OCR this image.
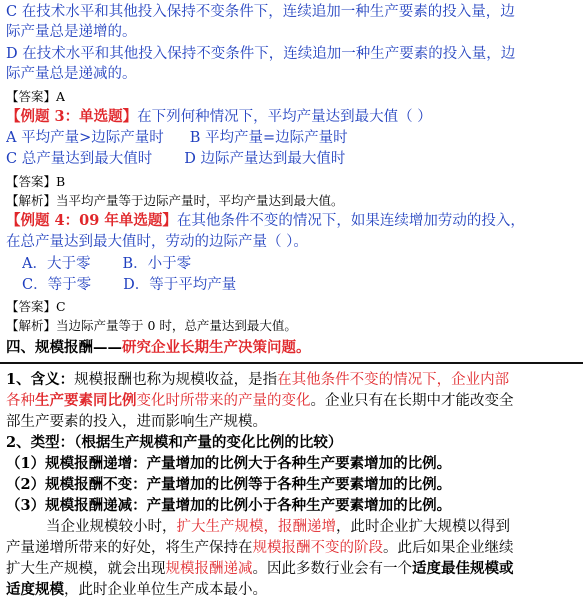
C 在技术水平和其他投入保持不变条件下，连续追加一种生产要素的投入量，边
际产量总是递增的。
D 在技术水平和其他投入保持不变条件下，连续追加一种生产要素的投入量，边
际产量总是递减的。
【答案】A
【例题 3：单选题】在下列何种情况下，平均产量达到最大值（ ）
A 平均产量>边际产量时 B 平均产量=边际产量时
C 总产量达到最大值时 D 边际产量达到最大值时
【答案】B
【解析】当平均产量等于边际产量时，平均产量达到最大值。
【例题 4：09 年单选题】在其他条件不变的情况下，如果连续增加劳动的投入，
在总产量达到最大值时，劳动的边际产量（ ）。
A．大于零 B．小于零
C．等于零 D．等于平均产量
【答案】C
【解析】当边际产量等于 0 时，总产量达到最大值。
四、规模报酬——研究企业长期生产决策问题。
1、含义：规模报酬也称为规模收益，是指在其他条件不变的情况下，企业内部
各种生产要素同比例变化时所带来的产量的变化。企业只有在长期中才能改变全
部生产要素的投入，进而影响生产规模。
2、类型：（根据生产规模和产量的变化比例的比较）
（1）规模报酬递增：产量增加的比例大于各种生产要素增加的比例。
（2）规模报酬不变：产量增加的比例等于各种生产要素增加的比例。
（3）规模报酬递减：产量增加的比例小于各种生产要素增加的比例。
当企业规模较小时，扩大生产规模，报酬递增，此时企业扩大规模以得到
产量递增所带来的好处，将生产保持在规模报酬不变的阶段。此后如果企业继续
扩大生产规模，就会出现规模报酬递减。因此多数行业会有一个适度最佳规模或
适度规模，此时企业单位生产成本最小。
